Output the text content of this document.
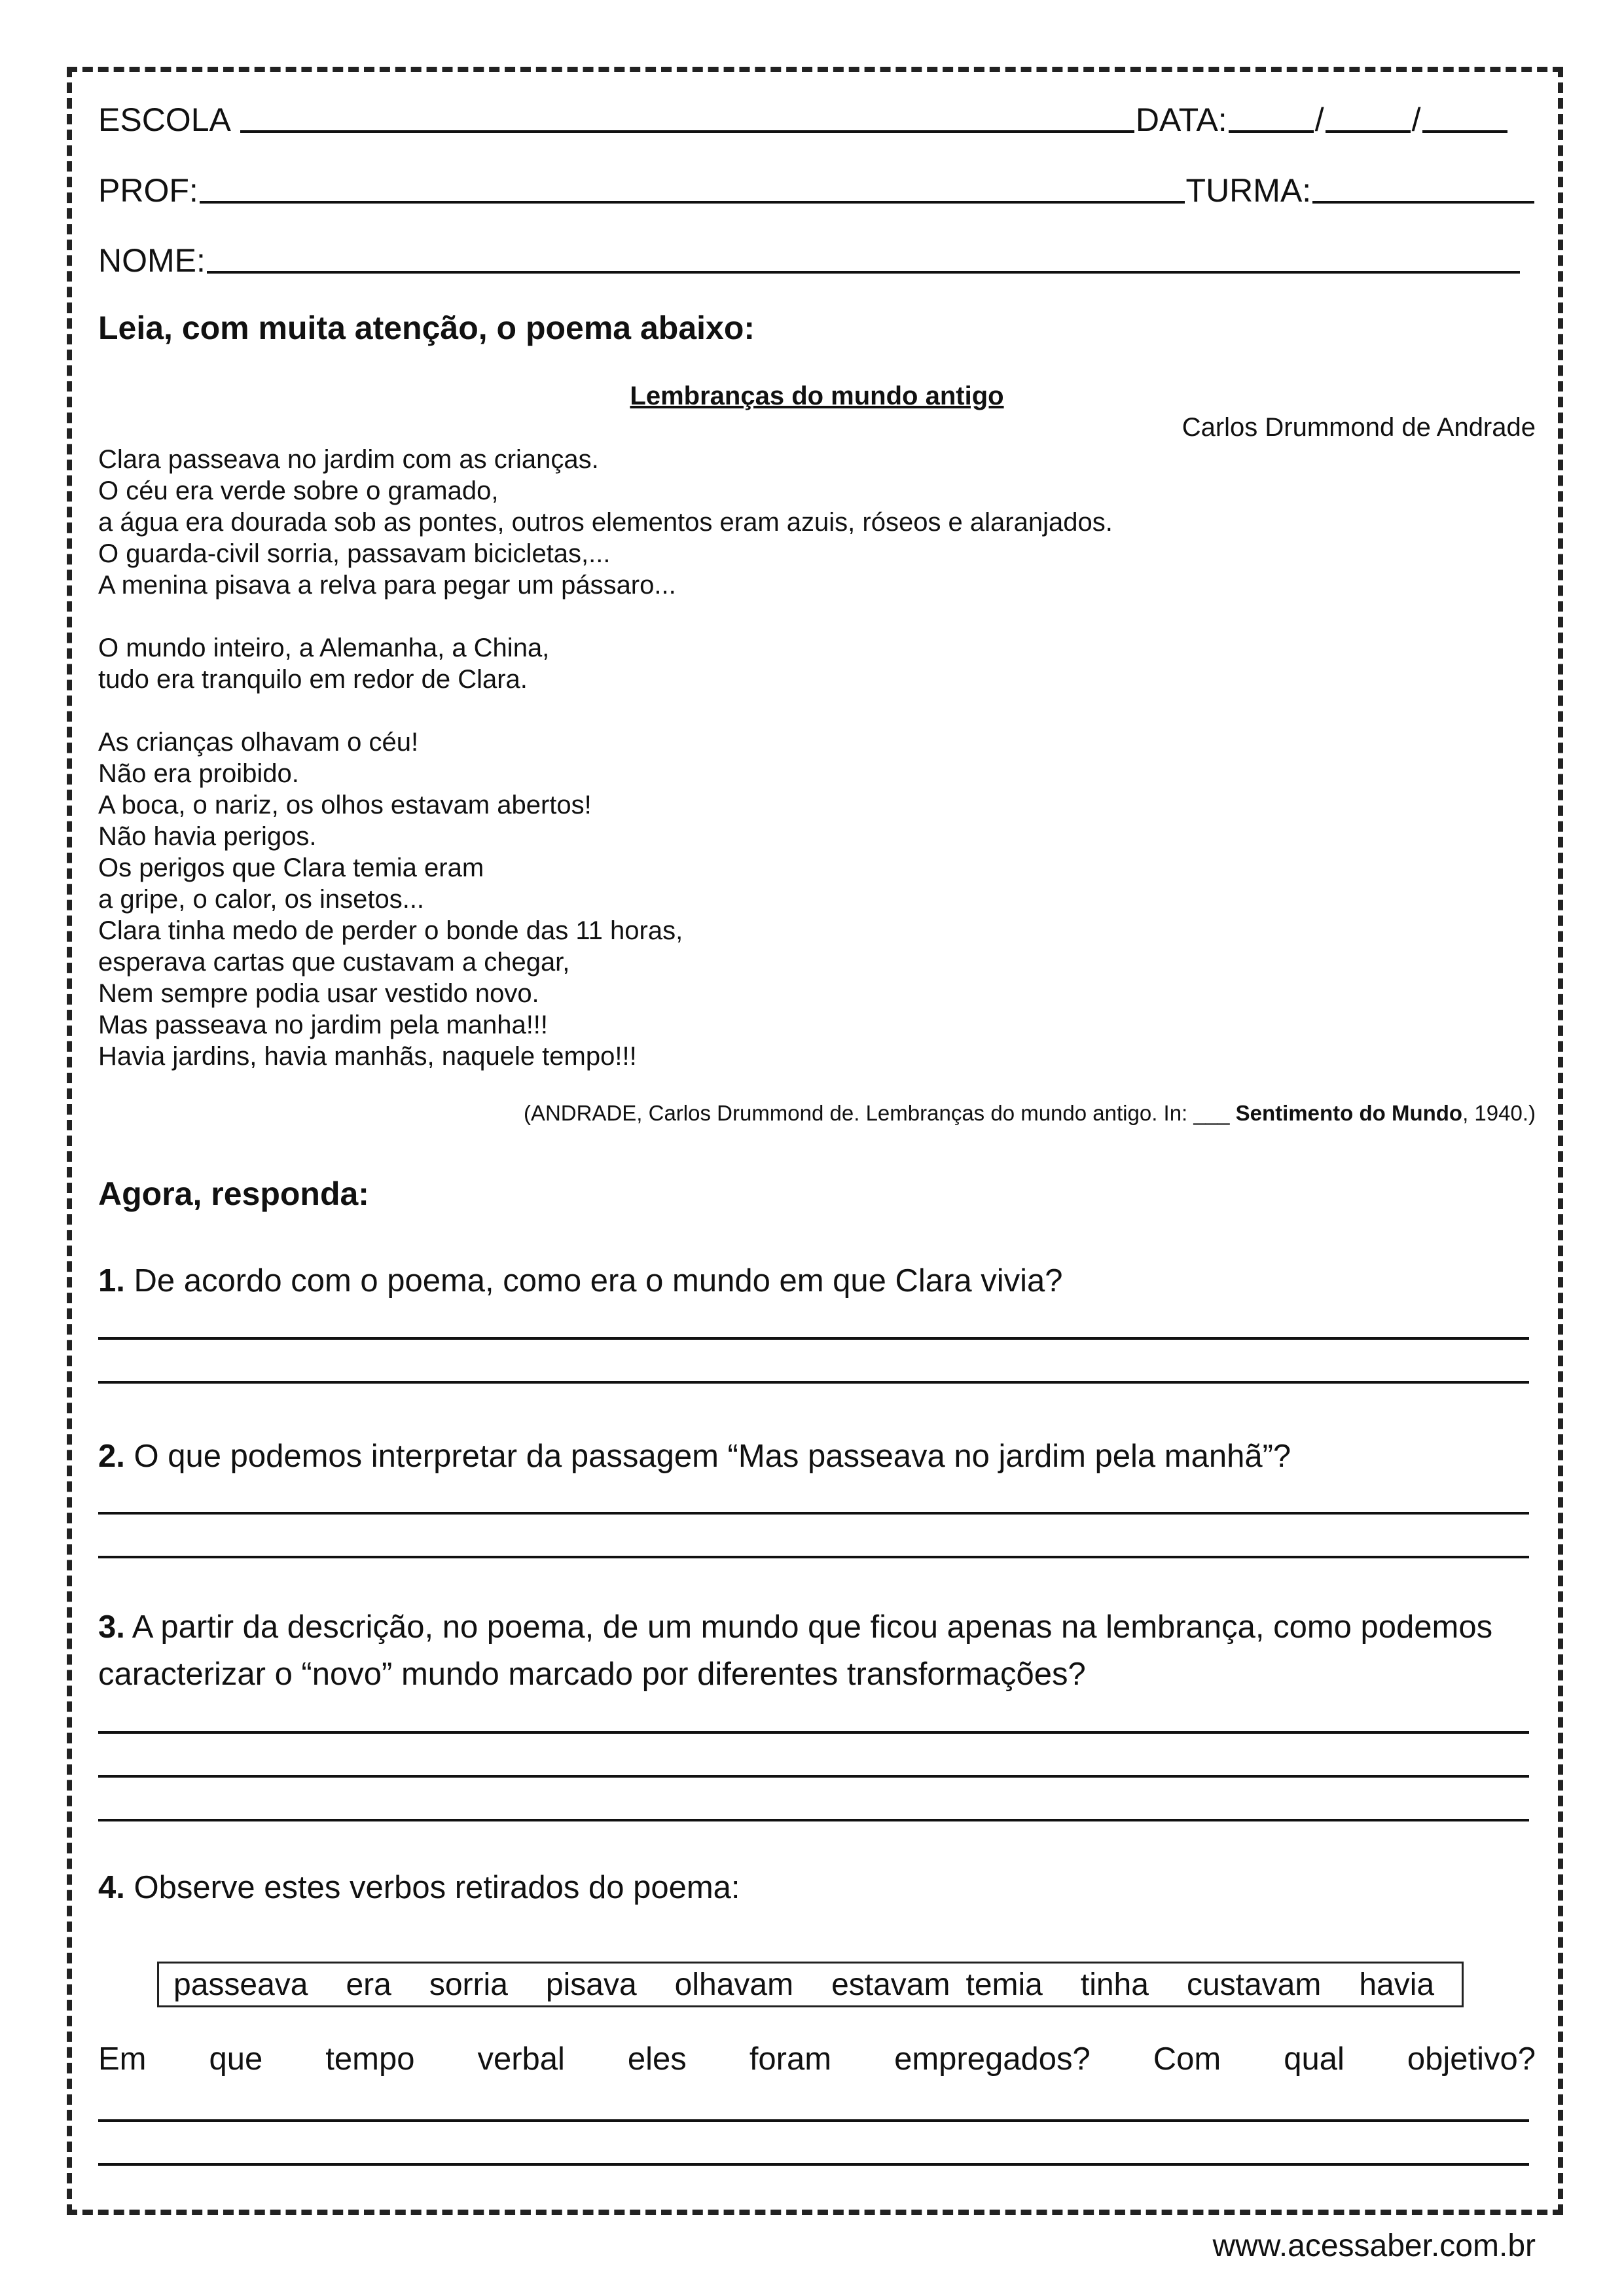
ESCOLA	DATA:	/	/
PROF:	TURMA:
NOME:
Leia, com muita atenção, o poema abaixo:
Lembranças do mundo antigo
Carlos Drummond de Andrade
Clara passeava no jardim com as crianças.
O céu era verde sobre o gramado,
a água era dourada sob as pontes, outros elementos eram azuis, róseos e alaranjados.
O guarda-civil sorria, passavam bicicletas,...
A menina pisava a relva para pegar um pássaro...
O mundo inteiro, a Alemanha, a China,
tudo era tranquilo em redor de Clara.
As crianças olhavam o céu!
Não era proibido.
A boca, o nariz, os olhos estavam abertos!
Não havia perigos.
Os perigos que Clara temia eram
a gripe, o calor, os insetos...
Clara tinha medo de perder o bonde das 11 horas,
esperava cartas que custavam a chegar,
Nem sempre podia usar vestido novo.
Mas passeava no jardim pela manha!!!
Havia jardins, havia manhãs, naquele tempo!!!
(ANDRADE, Carlos Drummond de. Lembranças do mundo antigo. In: ___ Sentimento do Mundo, 1940.)
Agora, responda:
1. De acordo com o poema, como era o mundo em que Clara vivia?
2. O que podemos interpretar da passagem “Mas passeava no jardim pela manhã”?
3. A partir da descrição, no poema, de um mundo que ficou apenas na lembrança, como podemos caracterizar o “novo” mundo marcado por diferentes transformações?
4. Observe estes verbos retirados do poema:
passeava era sorria pisava olhavam estavam temia tinha custavam havia
Em que tempo verbal eles foram empregados? Com qual objetivo?
www.acessaber.com.br
